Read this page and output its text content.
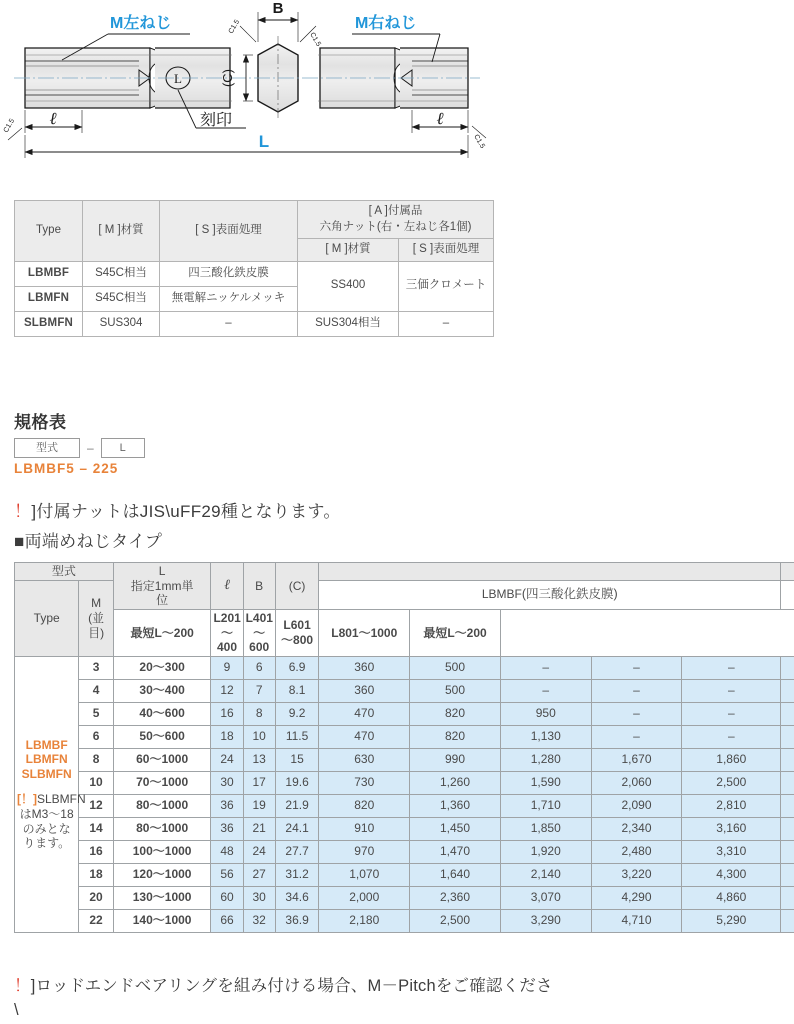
L
B
(C)
ℓ	ℓ
L
C1.5
C1.5
C1.5
C1.5
M左ねじ	M右ねじ
刻印
Type	[ M ]材質	[ S ]表面処理	[ A ]付属品
六角ナット(右・左ねじ各1個)	

			[ M ]材質	[ S ]表面処理
LBMBF	S45C相当	四三酸化鉄皮膜	SS400	三価クロメート
LBMFN	S45C相当	無電解ニッケルメッキ		
SLBMFN	SUS304	–	SUS304相当	–
規格表
型式	–	L
LBMBF5 – 225
！]付属ナットはJIS\uFF29種となります。
■両端めねじタイプ
型式		L
指定1mm単
位	ℓ	B	(C)						
Type	M
(並
目)					LBMBF(四三酸化鉄皮膜)					
		最短L～200	L201～400	L401～600	L601～800	L801～1000	最短L～200				

LBMBF
LBMFN
SLBMFN
[！]SLBMFNはM3～18のみとなります。	3	20～300	9	6	6.9	360	500	–	–	–	
	4	30～400	12	7	8.1	360	500	–	–	–	
	5	40～600	16	8	9.2	470	820	950	–	–	
	6	50～600	18	10	11.5	470	820	1,130	–	–	
	8	60～1000	24	13	15	630	990	1,280	1,670	1,860	
	10	70～1000	30	17	19.6	730	1,260	1,590	2,060	2,500	
	12	80～1000	36	19	21.9	820	1,360	1,710	2,090	2,810	
	14	80～1000	36	21	24.1	910	1,450	1,850	2,340	3,160	
	16	100～1000	48	24	27.7	970	1,470	1,920	2,480	3,310	
	18	120～1000	56	27	31.2	1,070	1,640	2,140	3,220	4,300	
	20	130～1000	60	30	34.6	2,000	2,360	3,070	4,290	4,860	
	22	140～1000	66	32	36.9	2,180	2,500	3,290	4,710	5,290	
！]ロッドエンドベアリングを組み付ける場合、M－Pitchをご確認くださ
\
